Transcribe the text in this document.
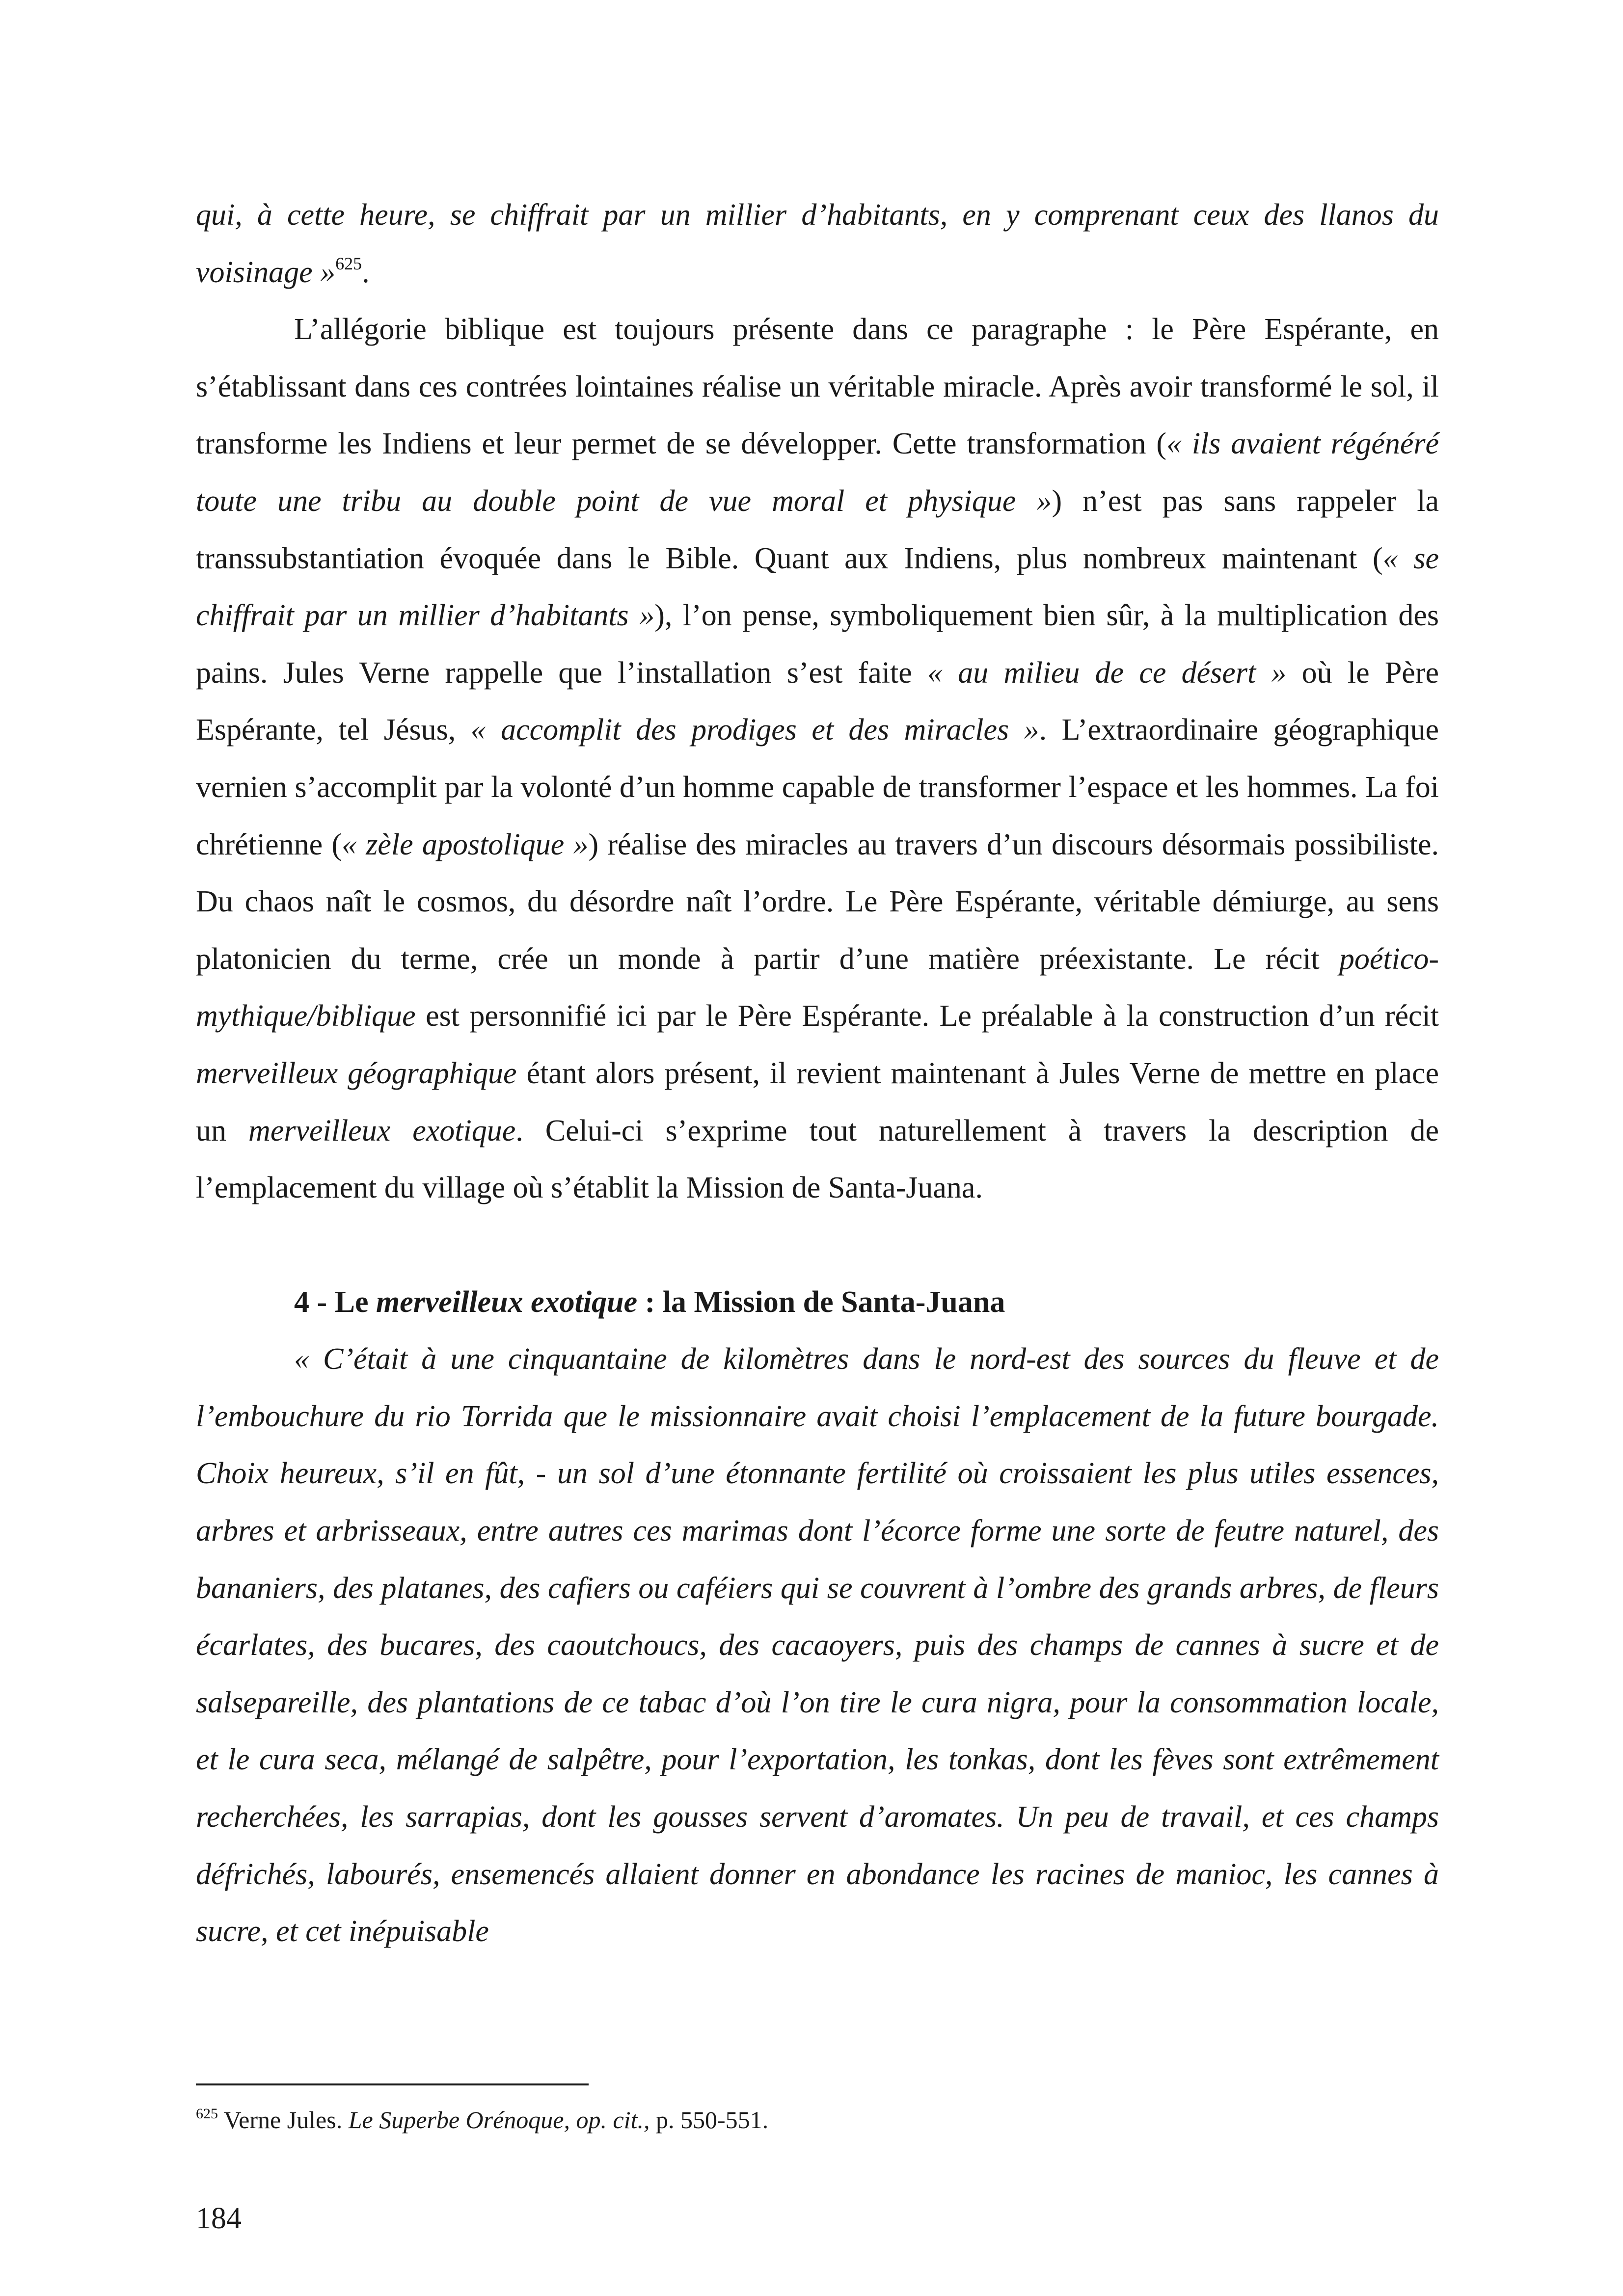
qui, à cette heure, se chiffrait par un millier d’habitants, en y comprenant ceux des llanos du voisinage »$^{625}$.

L’allégorie biblique est toujours présente dans ce paragraphe : le Père Espérante, en s’établissant dans ces contrées lointaines réalise un véritable miracle. Après avoir transformé le sol, il transforme les Indiens et leur permet de se développer. Cette transformation (« ils avaient régénéré toute une tribu au double point de vue moral et physique ») n’est pas sans rappeler la transsubstantiation évoquée dans le Bible. Quant aux Indiens, plus nombreux maintenant (« se chiffrait par un millier d’habitants »), l’on pense, symboliquement bien sûr, à la multiplication des pains. Jules Verne rappelle que l’installation s’est faite « au milieu de ce désert » où le Père Espérante, tel Jésus, « accomplit des prodiges et des miracles ». L’extraordinaire géographique vernien s’accomplit par la volonté d’un homme capable de transformer l’espace et les hommes. La foi chrétienne (« zèle apostolique ») réalise des miracles au travers d’un discours désormais possibiliste. Du chaos naît le cosmos, du désordre naît l’ordre. Le Père Espérante, véritable démiurge, au sens platonicien du terme, crée un monde à partir d’une matière préexistante. Le récit poético-mythique/biblique est personnifié ici par le Père Espérante. Le préalable à la construction d’un récit merveilleux géographique étant alors présent, il revient maintenant à Jules Verne de mettre en place un merveilleux exotique. Celui-ci s’exprime tout naturellement à travers la description de l’emplacement du village où s’établit la Mission de Santa-Juana.

4 - Le merveilleux exotique : la Mission de Santa-Juana

« C’était à une cinquantaine de kilomètres dans le nord-est des sources du fleuve et de l’embouchure du rio Torrida que le missionnaire avait choisi l’emplacement de la future bourgade. Choix heureux, s’il en fût, - un sol d’une étonnante fertilité où croissaient les plus utiles essences, arbres et arbrisseaux, entre autres ces marimas dont l’écorce forme une sorte de feutre naturel, des bananiers, des platanes, des cafiers ou caféiers qui se couvrent à l’ombre des grands arbres, de fleurs écarlates, des bucares, des caoutchoucs, des cacaoyers, puis des champs de cannes à sucre et de salsepareille, des plantations de ce tabac d’où l’on tire le cura nigra, pour la consommation locale, et le cura seca, mélangé de salpêtre, pour l’exportation, les tonkas, dont les fèves sont extrêmement recherchées, les sarrapias, dont les gousses servent d’aromates. Un peu de travail, et ces champs défrichés, labourés, ensemencés allaient donner en abondance les racines de manioc, les cannes à sucre, et cet inépuisable

$^{625}$ Verne Jules. Le Superbe Orénoque, op. cit., p. 550-551.
184
